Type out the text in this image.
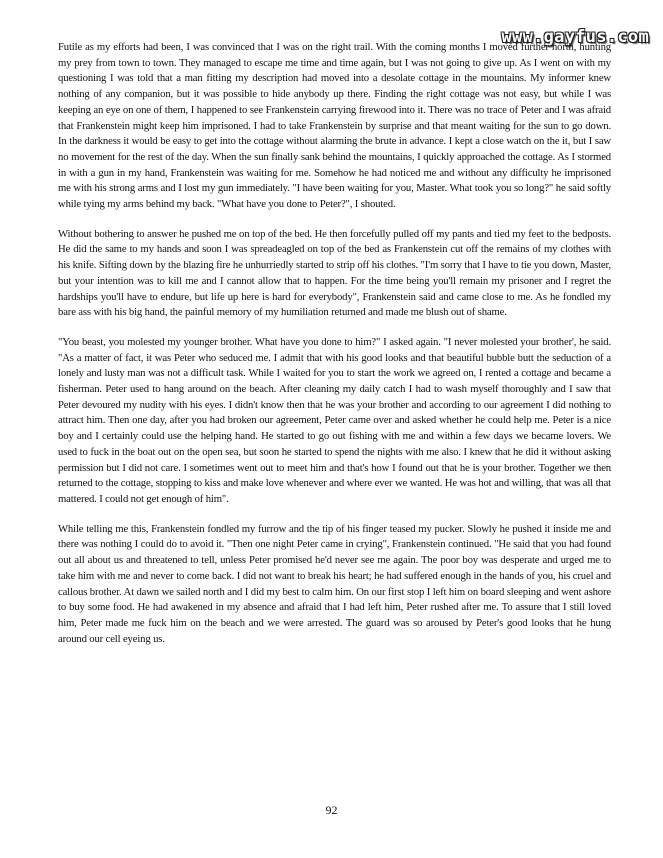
www.gayfus.com

Futile as my efforts had been, I was convinced that I was on the right trail. With the coming months I moved further north, hunting my prey from town to town. They managed to escape me time and time again, but I was not going to give up. As I went on with my questioning I was told that a man fitting my description had moved into a desolate cottage in the mountains. My informer knew nothing of any companion, but it was possible to hide anybody up there. Finding the right cottage was not easy, but while I was keeping an eye on one of them, I happened to see Frankenstein carrying firewood into it. There was no trace of Peter and I was afraid that Frankenstein might keep him imprisoned. I had to take Frankenstein by surprise and that meant waiting for the sun to go down. In the darkness it would be easy to get into the cottage without alarming the brute in advance. I kept a close watch on the it, but I saw no movement for the rest of the day. When the sun finally sank behind the mountains, I quickly approached the cottage. As I stormed in with a gun in my hand, Frankenstein was waiting for me. Somehow he had noticed me and without any difficulty he imprisoned me with his strong arms and I lost my gun immediately. "I have been waiting for you, Master. What took you so long?" he said softly while tying my arms behind my back. "What have you done to Peter?", I shouted.

Without bothering to answer he pushed me on top of the bed. He then forcefully pulled off my pants and tied my feet to the bedposts. He did the same to my hands and soon I was spreadeagled on top of the bed as Frankenstein cut off the remains of my clothes with his knife. Sifting down by the blazing fire he unhurriedly started to strip off his clothes. "I'm sorry that I have to tie you down, Master, but your intention was to kill me and I cannot allow that to happen. For the time being you'll remain my prisoner and I regret the hardships you'll have to endure, but life up here is hard for everybody", Frankenstein said and came close to me. As he fondled my bare ass with his big hand, the painful memory of my humiliation returned and made me blush out of shame.

"You beast, you molested my younger brother. What have you done to him?" I asked again. "I never molested your brother', he said. "As a matter of fact, it was Peter who seduced me. I admit that with his good looks and that beautiful bubble butt the seduction of a lonely and lusty man was not a difficult task. While I waited for you to start the work we agreed on, I rented a cottage and became a fisherman. Peter used to hang around on the beach. After cleaning my daily catch I had to wash myself thoroughly and I saw that Peter devoured my nudity with his eyes. I didn't know then that he was your brother and according to our agreement I did nothing to attract him. Then one day, after you had broken our agreement, Peter came over and asked whether he could help me. Peter is a nice boy and I certainly could use the helping hand. He started to go out fishing with me and within a few days we became lovers. We used to fuck in the boat out on the open sea, but soon he started to spend the nights with me also. I knew that he did it without asking permission but I did not care. I sometimes went out to meet him and that's how I found out that he is your brother. Together we then returned to the cottage, stopping to kiss and make love whenever and where ever we wanted. He was hot and willing, that was all that mattered. I could not get enough of him".

While telling me this, Frankenstein fondled my furrow and the tip of his finger teased my pucker. Slowly he pushed it inside me and there was nothing I could do to avoid it. "Then one night Peter came in crying", Frankenstein continued. "He said that you had found out all about us and threatened to tell, unless Peter promised he'd never see me again. The poor boy was desperate and urged me to take him with me and never to come back. I did not want to break his heart; he had suffered enough in the hands of you, his cruel and callous brother. At dawn we sailed north and I did my best to calm him. On our first stop I left him on board sleeping and went ashore to buy some food. He had awakened in my absence and afraid that I had left him, Peter rushed after me. To assure that I still loved him, Peter made me fuck him on the beach and we were arrested. The guard was so aroused by Peter's good looks that he hung around our cell eyeing us.

92
